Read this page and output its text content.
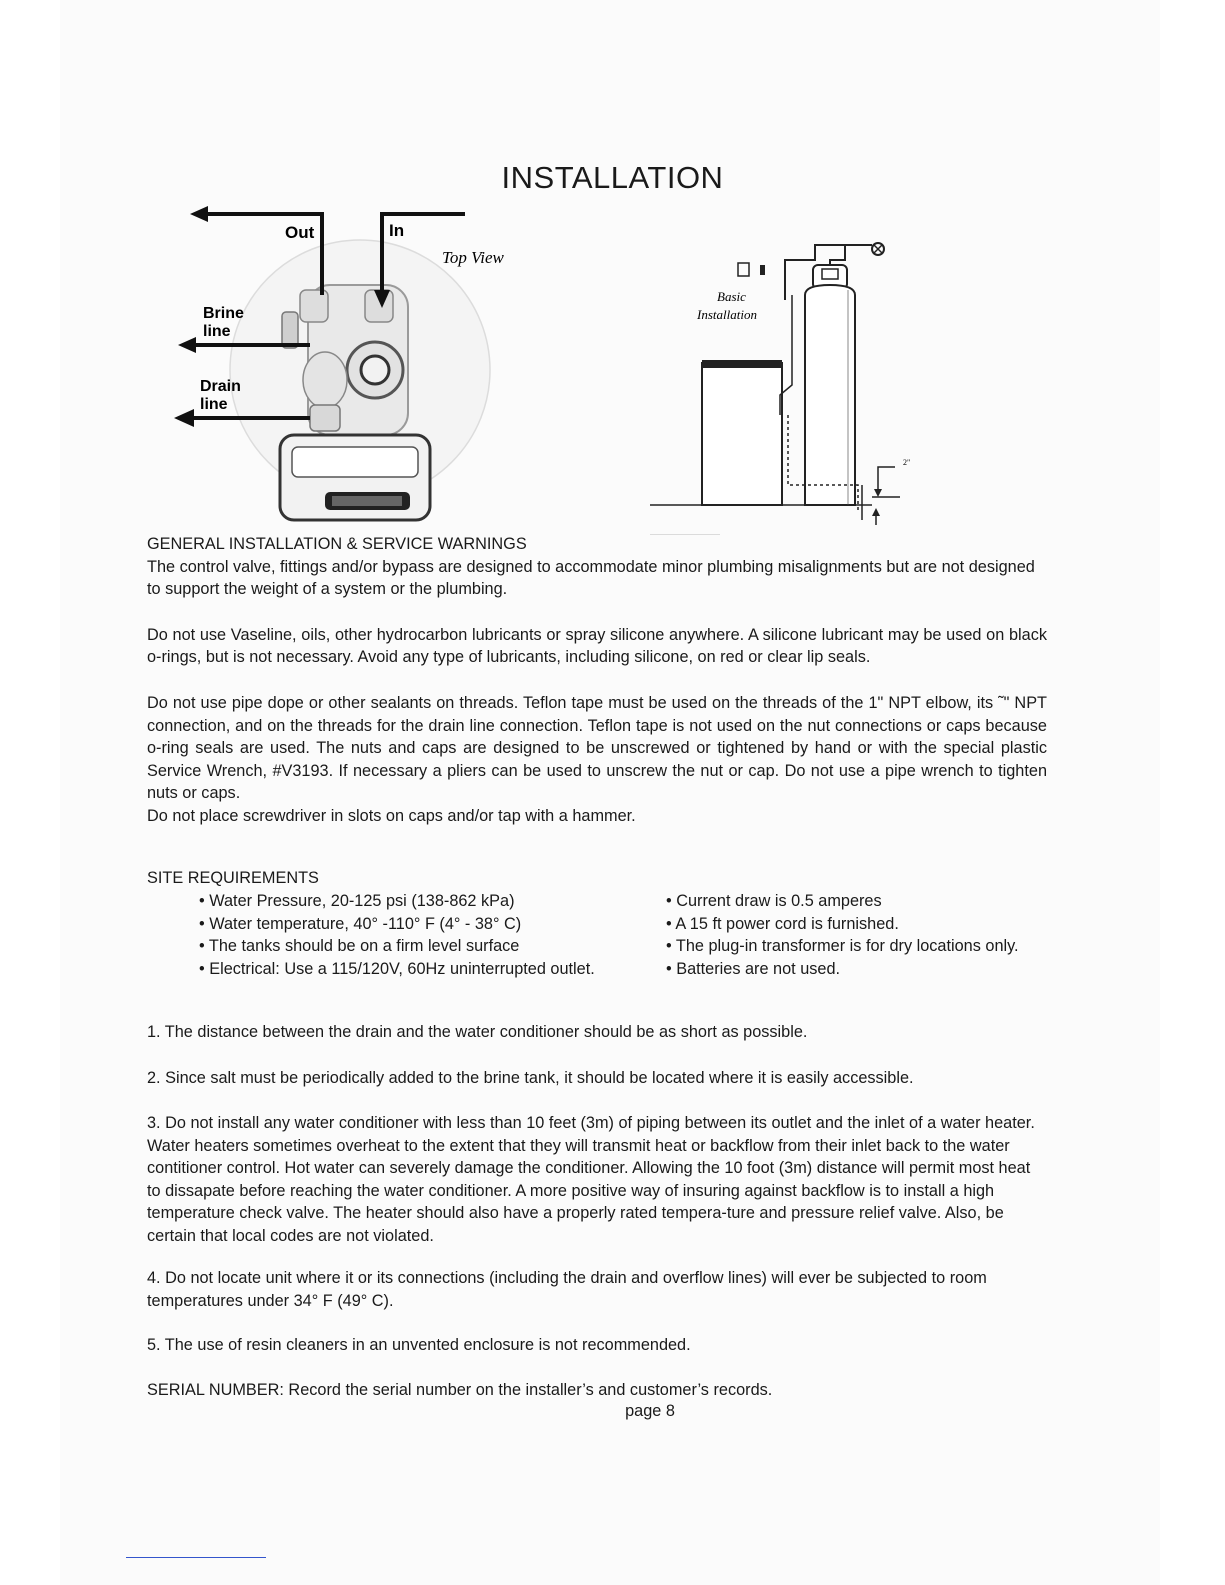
INSTALLATION
Out	In
Brine
line
Drain
line
Top View
2"
Basic
Installation

GENERAL INSTALLATION & SERVICE WARNINGS

The control valve, fittings and/or bypass are designed to accommodate minor plumbing misalignments but are not designed to support the weight of a system or the plumbing.

Do not use Vaseline, oils, other hydrocarbon lubricants or spray silicone anywhere. A silicone lubricant may be used on black o-rings, but is not necessary. Avoid any type of lubricants, including silicone, on red or clear lip seals.

Do not use pipe dope or other sealants on threads. Teflon tape must be used on the threads of the 1" NPT elbow, its ˜" NPT connection, and on the threads for the drain line connection. Teflon tape is not used on the nut connections or caps because o-ring seals are used. The nuts and caps are designed to be unscrewed or tightened by hand or with the special plastic Service Wrench, #V3193. If necessary a pliers can be used to unscrew the nut or cap. Do not use a pipe wrench to tighten nuts or caps.

Do not place screwdriver in slots on caps and/or tap with a hammer.

SITE REQUIREMENTS
• Water Pressure, 20-125 psi (138-862 kPa)
• Water temperature, 40° -110° F (4° - 38° C)
• The tanks should be on a firm level surface
• Electrical: Use a 115/120V, 60Hz uninterrupted outlet.
• Current draw is 0.5 amperes
• A 15 ft power cord is furnished.
• The plug-in transformer is for dry locations only.
• Batteries are not used.
1. The distance between the drain and the water conditioner should be as short as possible.
2. Since salt must be periodically added to the brine tank, it should be located where it is easily accessible.
3. Do not install any water conditioner with less than 10 feet (3m) of piping between its outlet and the inlet of a water heater. Water heaters sometimes overheat to the extent that they will transmit heat or backflow from their inlet back to the water contitioner control. Hot water can severely damage the conditioner. Allowing the 10 foot (3m) distance will permit most heat to dissapate before reaching the water conditioner. A more positive way of insuring against backflow is to install a high temperature check valve. The heater should also have a properly rated tempera-ture and pressure relief valve. Also, be certain that local codes are not violated.
4. Do not locate unit where it or its connections (including the drain and overflow lines) will ever be subjected to room temperatures under 34° F (49° C).
5. The use of resin cleaners in an unvented enclosure is not recommended.
SERIAL NUMBER: Record the serial number on the installer’s and customer’s records.
page 8
